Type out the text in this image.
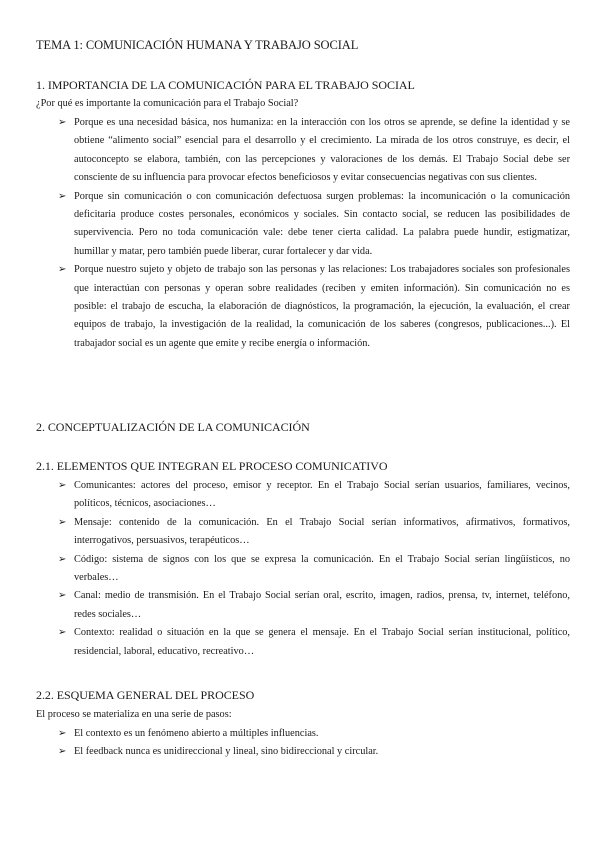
TEMA 1: COMUNICACIÓN HUMANA Y TRABAJO SOCIAL
1. IMPORTANCIA DE LA COMUNICACIÓN PARA EL TRABAJO SOCIAL
¿Por qué es importante la comunicación para el Trabajo Social?
➢ Porque es una necesidad básica, nos humaniza: en la interacción con los otros se aprende, se define la identidad y se obtiene “alimento social” esencial para el desarrollo y el crecimiento. La mirada de los otros construye, es decir, el autoconcepto se elabora, también, con las percepciones y valoraciones de los demás. El Trabajo Social debe ser consciente de su influencia para provocar efectos beneficiosos y evitar consecuencias negativas con sus clientes.
➢ Porque sin comunicación o con comunicación defectuosa surgen problemas: la incomunicación o la comunicación deficitaria produce costes personales, económicos y sociales. Sin contacto social, se reducen las posibilidades de supervivencia. Pero no toda comunicación vale: debe tener cierta calidad. La palabra puede hundir, estigmatizar, humillar y matar, pero también puede liberar, curar fortalecer y dar vida.
➢ Porque nuestro sujeto y objeto de trabajo son las personas y las relaciones: Los trabajadores sociales son profesionales que interactúan con personas y operan sobre realidades (reciben y emiten información). Sin comunicación no es posible: el trabajo de escucha, la elaboración de diagnósticos, la programación, la ejecución, la evaluación, el crear equipos de trabajo, la investigación de la realidad, la comunicación de los saberes (congresos, publicaciones...). El trabajador social es un agente que emite y recibe energía o información.
2. CONCEPTUALIZACIÓN DE LA COMUNICACIÓN
2.1. ELEMENTOS QUE INTEGRAN EL PROCESO COMUNICATIVO
➢ Comunicantes: actores del proceso, emisor y receptor. En el Trabajo Social serían usuarios, familiares, vecinos, políticos, técnicos, asociaciones…
➢ Mensaje: contenido de la comunicación. En el Trabajo Social serían informativos, afirmativos, formativos, interrogativos, persuasivos, terapéuticos…
➢ Código: sistema de signos con los que se expresa la comunicación. En el Trabajo Social serían lingüísticos, no verbales…
➢ Canal: medio de transmisión. En el Trabajo Social serían oral, escrito, imagen, radios, prensa, tv, internet, teléfono, redes sociales…
➢ Contexto: realidad o situación en la que se genera el mensaje. En el Trabajo Social serían institucional, político, residencial, laboral, educativo, recreativo…
2.2. ESQUEMA GENERAL DEL PROCESO
El proceso se materializa en una serie de pasos:
➢ El contexto es un fenómeno abierto a múltiples influencias.
➢ El feedback nunca es unidireccional y lineal, sino bidireccional y circular.
